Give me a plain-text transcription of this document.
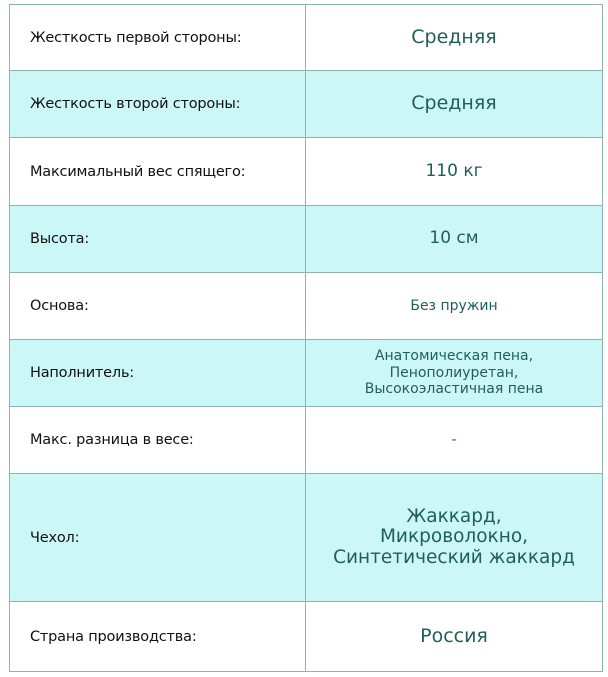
Жесткость первой стороны:	Средняя

Жесткость второй стороны:	Средняя

Максимальный вес спящего:	110 кг

Высота:	10 см

Основа:	Без пружин

Наполнитель:	Анатомическая пена,
Пенополиуретан,
Высокоэластичная пена

Макс. разница в весе:	-

Чехол:	Жаккард,
Микроволокно,
Синтетический жаккард

Страна производства:	Россия
